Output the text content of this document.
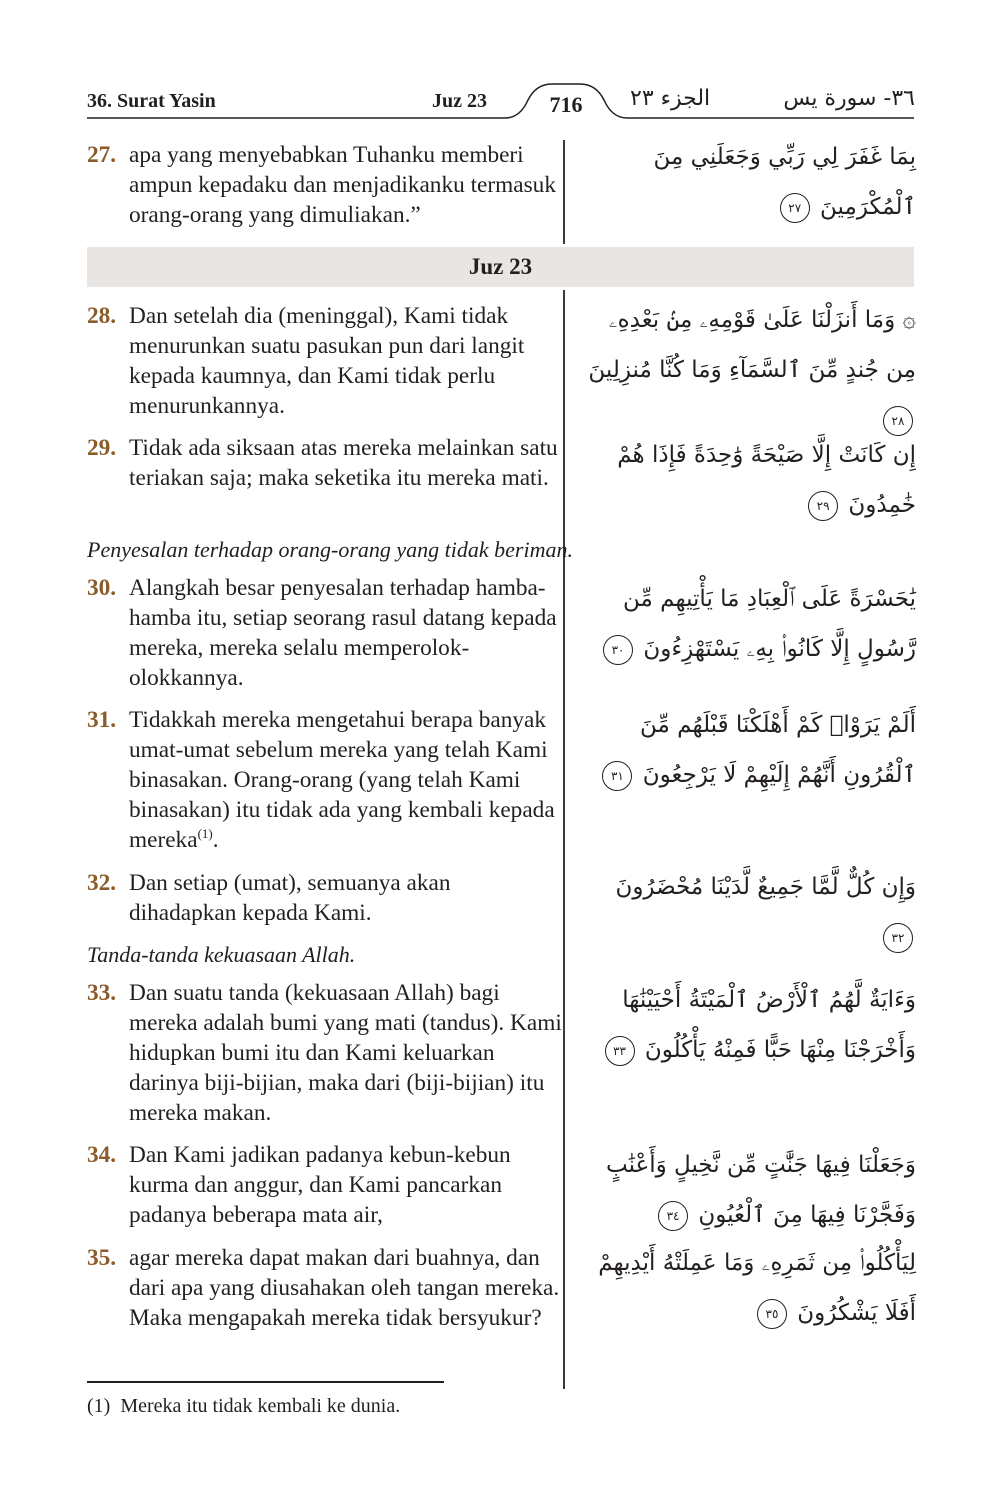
36. Surat Yasin	Juz 23	716	الجزء ٢٣	٣٦- سورة يس
27. apa yang menyebabkan Tuhanku memberi ampun kepadaku dan menjadikanku termasuk orang-orang yang dimuliakan.”
بِمَا غَفَرَ لِي رَبِّي وَجَعَلَنِي مِنَ ٱلْمُكْرَمِينَ ٢٧
Juz 23
28. Dan setelah dia (meninggal), Kami tidak menurunkan suatu pasukan pun dari langit kepada kaumnya, dan Kami tidak perlu menurunkannya.
۞ وَمَا أَنزَلْنَا عَلَىٰ قَوْمِهِۦ مِنۢ بَعْدِهِۦ مِن جُندٍ مِّنَ ٱلسَّمَآءِ وَمَا كُنَّا مُنزِلِينَ ٢٨
29. Tidak ada siksaan atas mereka melainkan satu teriakan saja; maka seketika itu mereka mati.
إِن كَانَتْ إِلَّا صَيْحَةً وَٰحِدَةً فَإِذَا هُمْ خَٰمِدُونَ ٢٩
Penyesalan terhadap orang-orang yang tidak beriman.
30. Alangkah besar penyesalan terhadap hamba-hamba itu, setiap seorang rasul datang kepada mereka, mereka selalu memperolok-olokkannya.
يَٰحَسْرَةً عَلَى ٱلْعِبَادِ مَا يَأْتِيهِم مِّن رَّسُولٍ إِلَّا كَانُوا۟ بِهِۦ يَسْتَهْزِءُونَ ٣٠
31. Tidakkah mereka mengetahui berapa banyak umat-umat sebelum mereka yang telah Kami binasakan. Orang-orang (yang telah Kami binasakan) itu tidak ada yang kembali kepada mereka$^{(1)}$.
أَلَمْ يَرَوْا۟ كَمْ أَهْلَكْنَا قَبْلَهُم مِّنَ ٱلْقُرُونِ أَنَّهُمْ إِلَيْهِمْ لَا يَرْجِعُونَ ٣١
32. Dan setiap (umat), semuanya akan dihadapkan kepada Kami.
وَإِن كُلٌّ لَّمَّا جَمِيعٌ لَّدَيْنَا مُحْضَرُونَ ٣٢
Tanda-tanda kekuasaan Allah.
33. Dan suatu tanda (kekuasaan Allah) bagi mereka adalah bumi yang mati (tandus). Kami hidupkan bumi itu dan Kami keluarkan darinya biji-bijian, maka dari (biji-bijian) itu mereka makan.
وَءَايَةٌ لَّهُمُ ٱلْأَرْضُ ٱلْمَيْتَةُ أَحْيَيْنَٰهَا وَأَخْرَجْنَا مِنْهَا حَبًّا فَمِنْهُ يَأْكُلُونَ ٣٣
34. Dan Kami jadikan padanya kebun-kebun kurma dan anggur, dan Kami pancarkan padanya beberapa mata air,
وَجَعَلْنَا فِيهَا جَنَّٰتٍ مِّن نَّخِيلٍ وَأَعْنَٰبٍ وَفَجَّرْنَا فِيهَا مِنَ ٱلْعُيُونِ ٣٤
35. agar mereka dapat makan dari buahnya, dan dari apa yang diusahakan oleh tangan mereka. Maka mengapakah mereka tidak bersyukur?
لِيَأْكُلُوا۟ مِن ثَمَرِهِۦ وَمَا عَمِلَتْهُ أَيْدِيهِمْ أَفَلَا يَشْكُرُونَ ٣٥
(1) Mereka itu tidak kembali ke dunia.
